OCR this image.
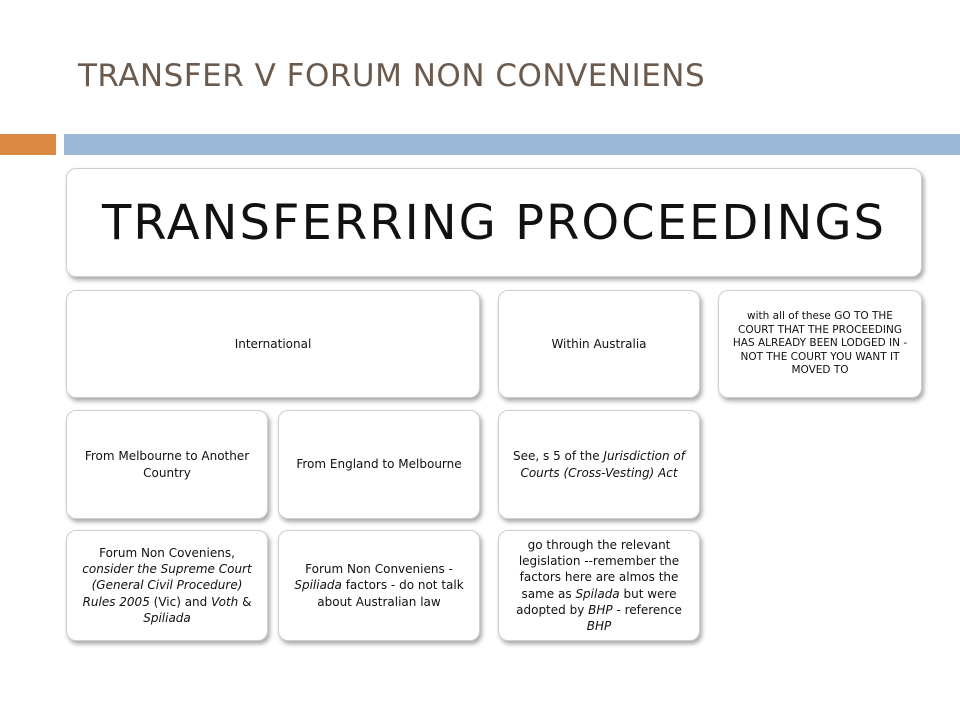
TRANSFER V FORUM NON CONVENIENS
TRANSFERRING PROCEEDINGS
International	Within Australia
with all of these GO TO THE COURT THAT THE PROCEEDING HAS ALREADY BEEN LODGED IN - NOT THE COURT YOU WANT IT MOVED TO
From Melbourne to Another Country
From England to Melbourne
See, s 5 of the Jurisdiction of Courts (Cross-Vesting) Act
Forum Non Coveniens, consider the Supreme Court (General Civil Procedure) Rules 2005 (Vic) and Voth & Spiliada
Forum Non Conveniens - Spiliada factors - do not talk about Australian law
go through the relevant legislation --remember the factors here are almos the same as Spilada but were adopted by BHP - reference BHP
